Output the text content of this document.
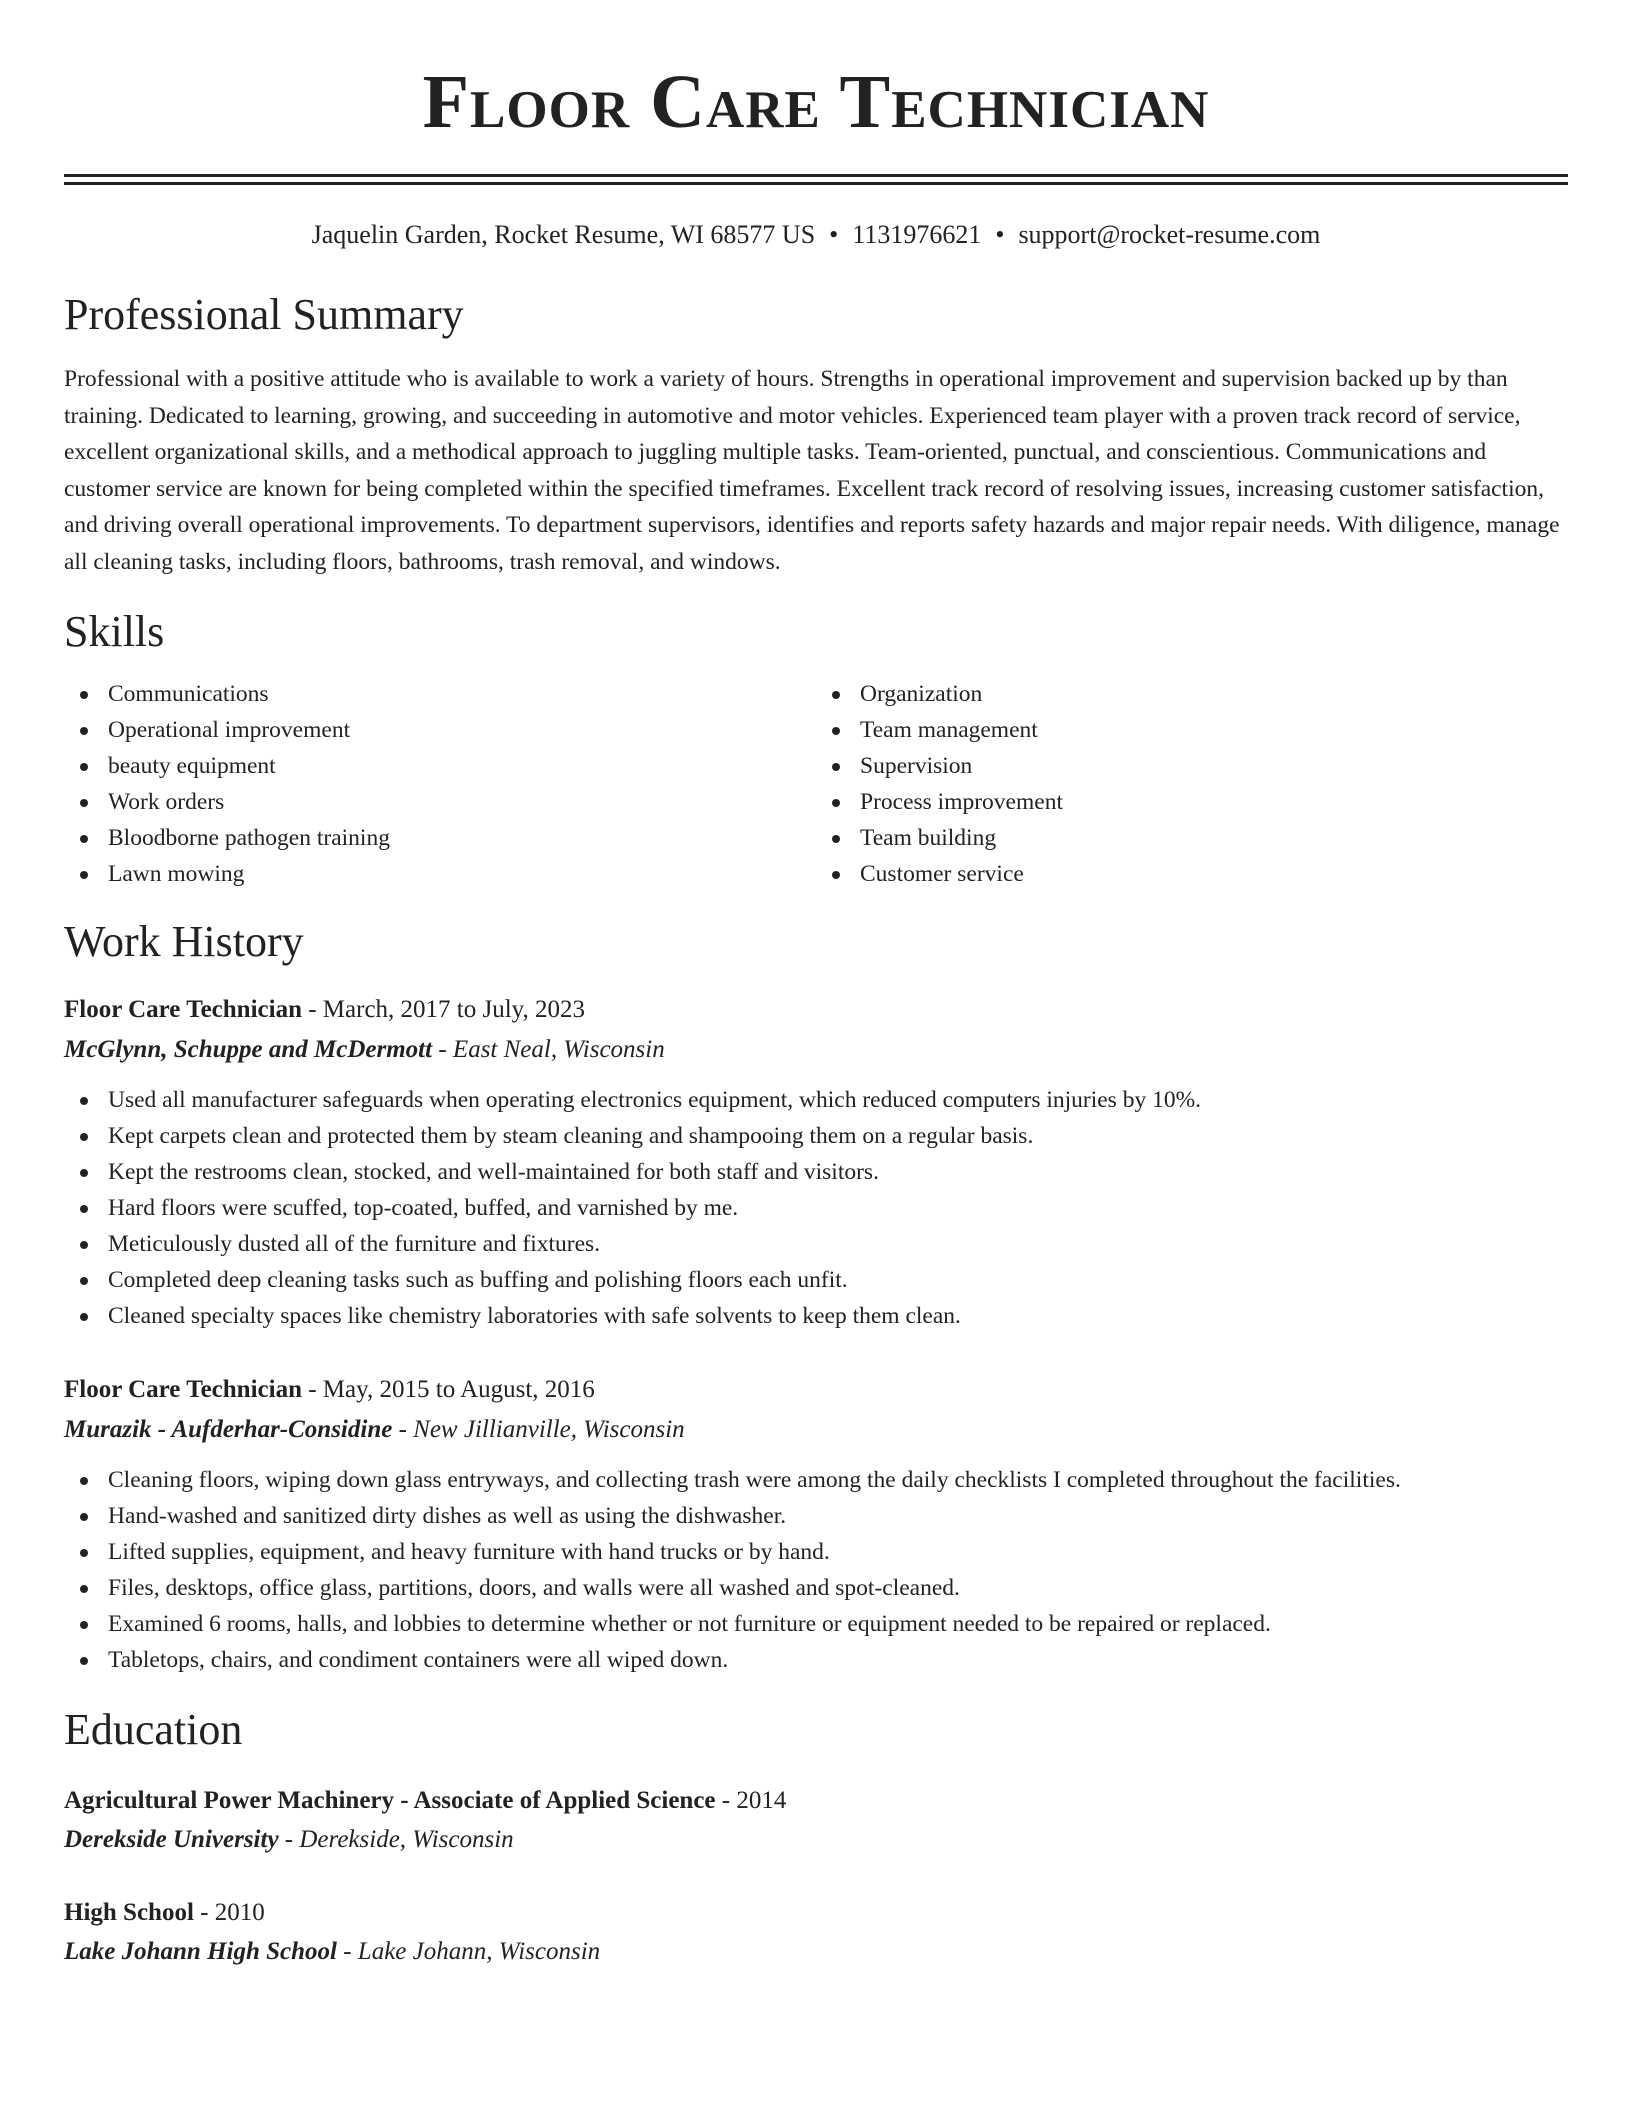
Floor Care Technician
Jaquelin Garden, Rocket Resume, WI 68577 US • 1131976621 • support@rocket-resume.com
Professional Summary
Professional with a positive attitude who is available to work a variety of hours. Strengths in operational improvement and supervision backed up by than training. Dedicated to learning, growing, and succeeding in automotive and motor vehicles. Experienced team player with a proven track record of service, excellent organizational skills, and a methodical approach to juggling multiple tasks. Team-oriented, punctual, and conscientious. Communications and customer service are known for being completed within the specified timeframes. Excellent track record of resolving issues, increasing customer satisfaction, and driving overall operational improvements. To department supervisors, identifies and reports safety hazards and major repair needs. With diligence, manage all cleaning tasks, including floors, bathrooms, trash removal, and windows.
Skills
Communications
Operational improvement
beauty equipment
Work orders
Bloodborne pathogen training
Lawn mowing
Organization
Team management
Supervision
Process improvement
Team building
Customer service
Work History
Floor Care Technician - March, 2017 to July, 2023
McGlynn, Schuppe and McDermott - East Neal, Wisconsin
Used all manufacturer safeguards when operating electronics equipment, which reduced computers injuries by 10%.
Kept carpets clean and protected them by steam cleaning and shampooing them on a regular basis.
Kept the restrooms clean, stocked, and well-maintained for both staff and visitors.
Hard floors were scuffed, top-coated, buffed, and varnished by me.
Meticulously dusted all of the furniture and fixtures.
Completed deep cleaning tasks such as buffing and polishing floors each unfit.
Cleaned specialty spaces like chemistry laboratories with safe solvents to keep them clean.
Floor Care Technician - May, 2015 to August, 2016
Murazik - Aufderhar-Considine - New Jillianville, Wisconsin
Cleaning floors, wiping down glass entryways, and collecting trash were among the daily checklists I completed throughout the facilities.
Hand-washed and sanitized dirty dishes as well as using the dishwasher.
Lifted supplies, equipment, and heavy furniture with hand trucks or by hand.
Files, desktops, office glass, partitions, doors, and walls were all washed and spot-cleaned.
Examined 6 rooms, halls, and lobbies to determine whether or not furniture or equipment needed to be repaired or replaced.
Tabletops, chairs, and condiment containers were all wiped down.
Education
Agricultural Power Machinery - Associate of Applied Science - 2014
Derekside University - Derekside, Wisconsin
High School - 2010
Lake Johann High School - Lake Johann, Wisconsin
